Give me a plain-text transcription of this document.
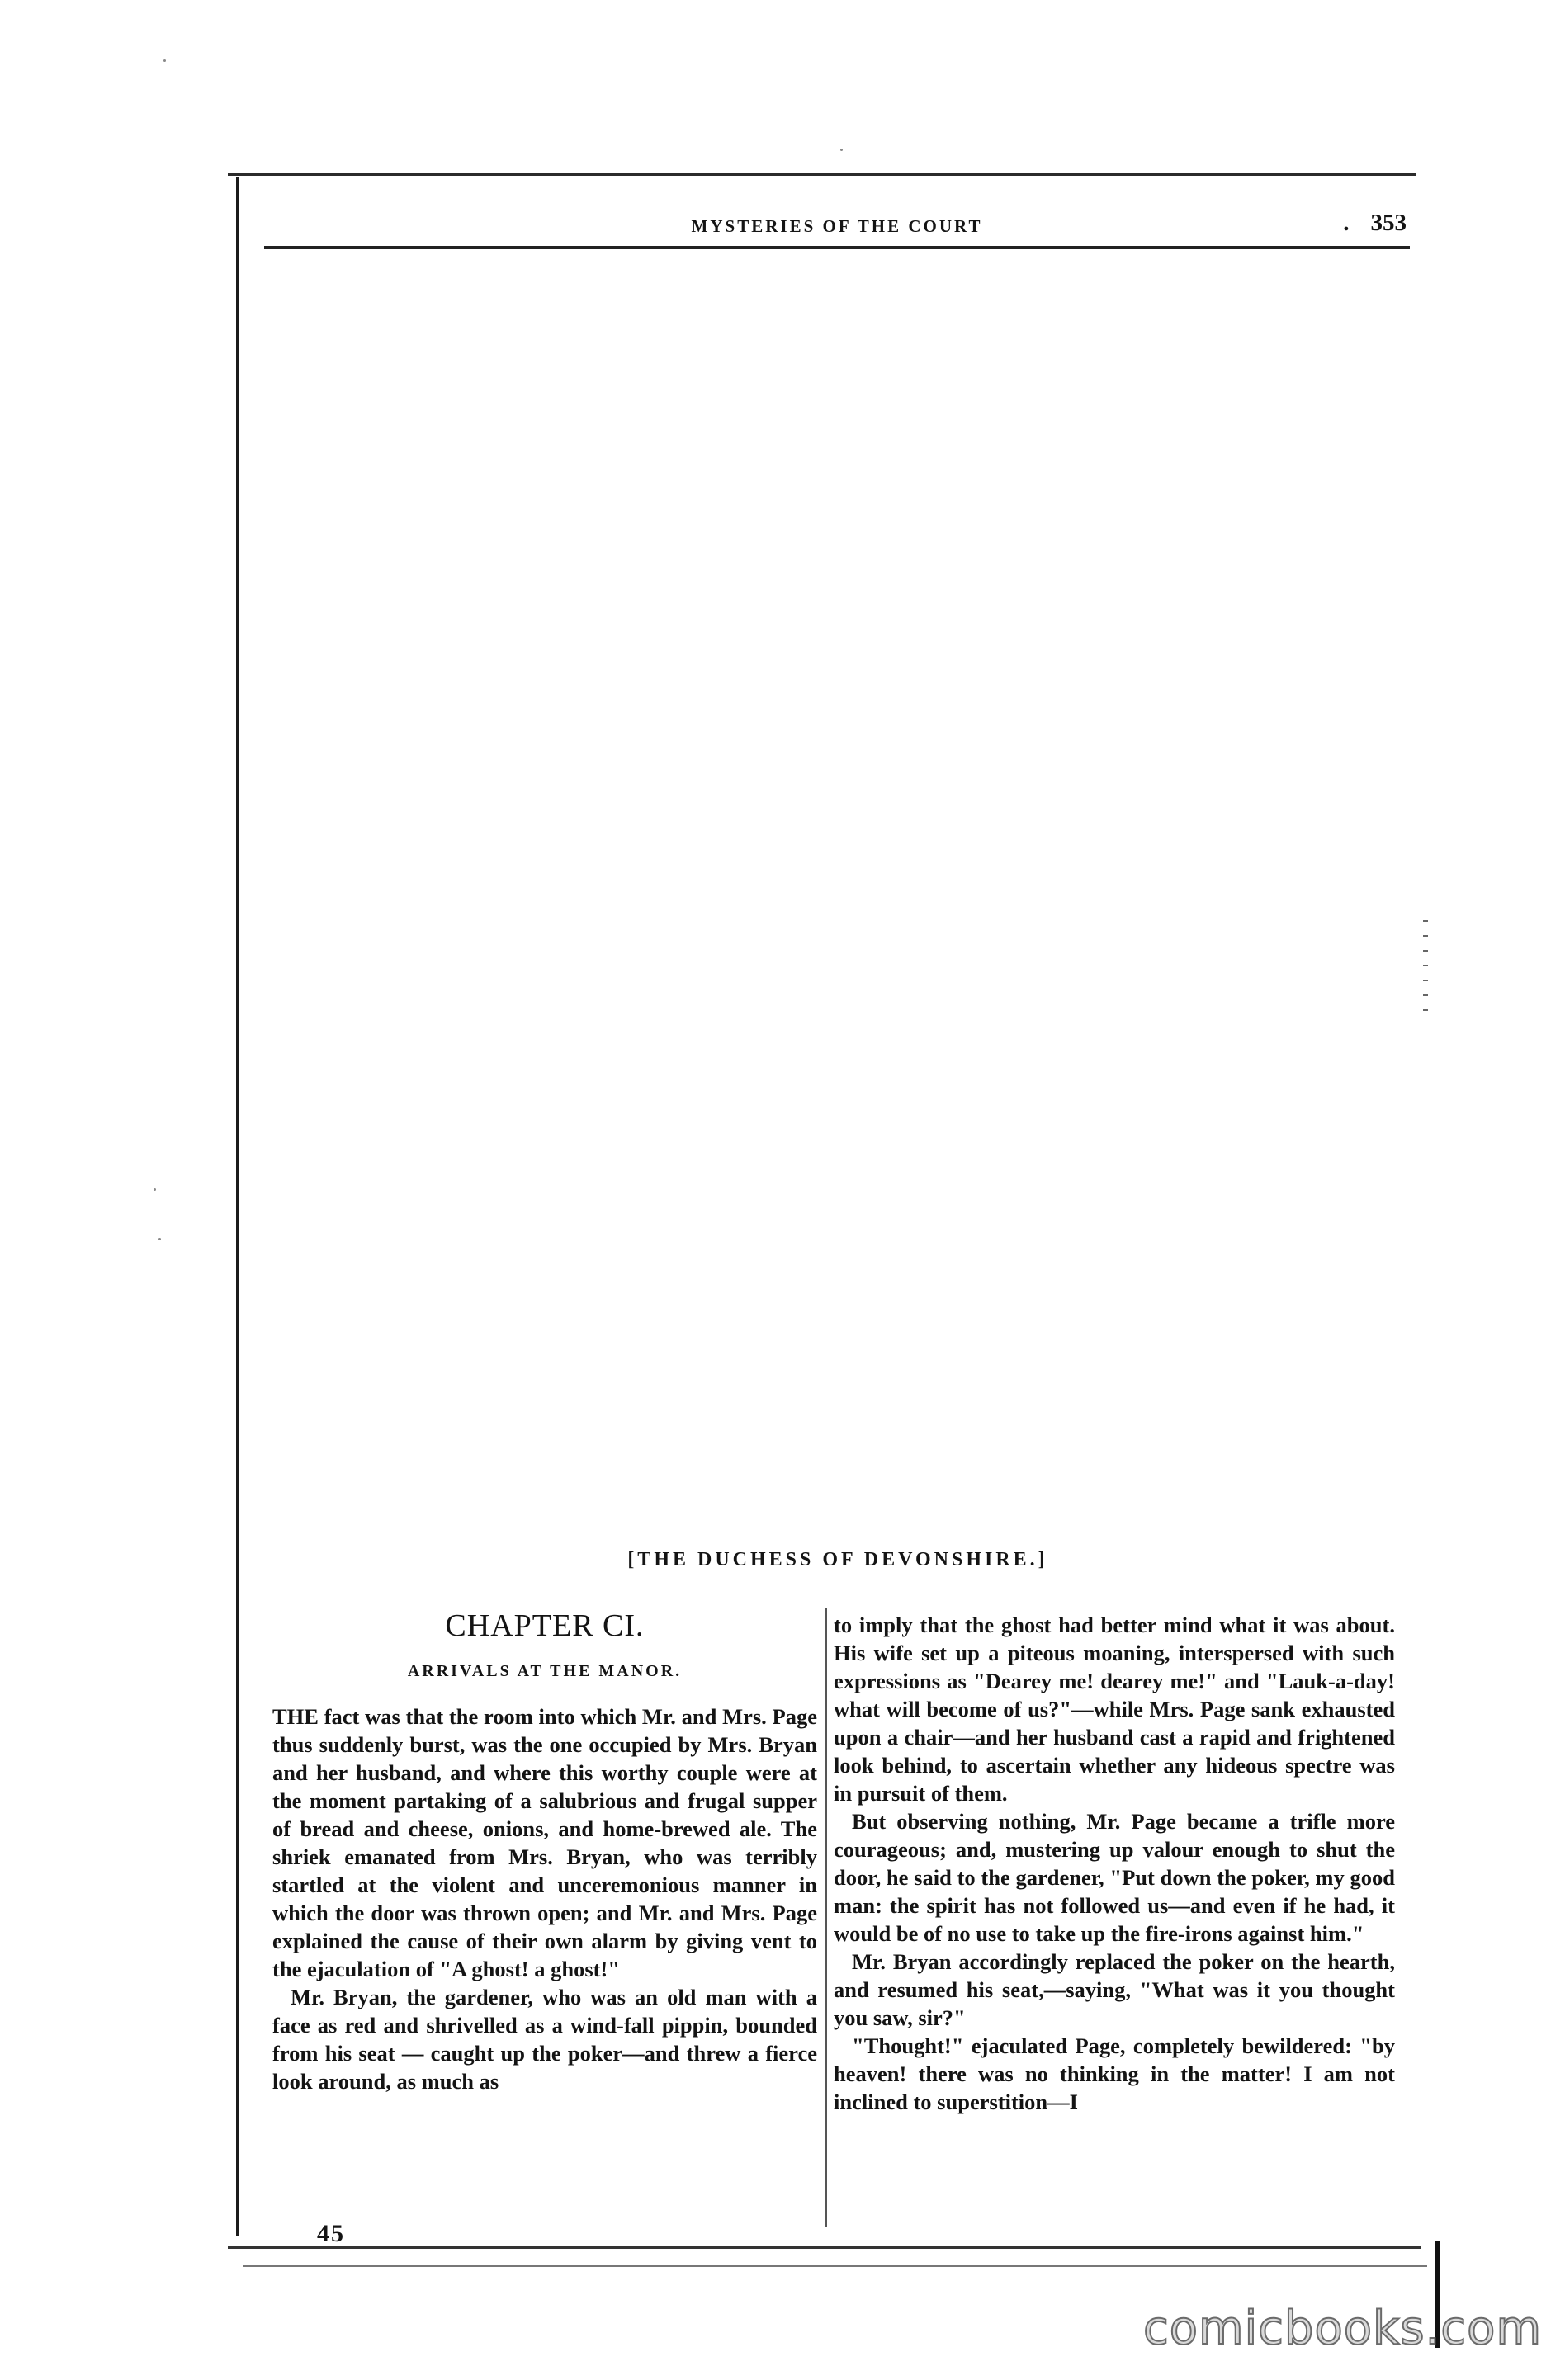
MYSTERIES OF THE COURT	. 353
[THE DUCHESS OF DEVONSHIRE.]
CHAPTER CI.
ARRIVALS AT THE MANOR.

THE fact was that the room into which Mr. and Mrs. Page thus suddenly burst, was the one occupied by Mrs. Bryan and her husband, and where this worthy couple were at the moment partaking of a salubrious and frugal supper of bread and cheese, onions, and home-brewed ale. The shriek emanated from Mrs. Bryan, who was terribly startled at the violent and unceremonious manner in which the door was thrown open; and Mr. and Mrs. Page explained the cause of their own alarm by giving vent to the ejaculation of "A ghost! a ghost!"

Mr. Bryan, the gardener, who was an old man with a face as red and shrivelled as a wind-fall pippin, bounded from his seat — caught up the poker—and threw a fierce look around, as much as

to imply that the ghost had better mind what it was about. His wife set up a piteous moaning, interspersed with such expressions as "Dearey me! dearey me!" and "Lauk-a-day! what will become of us?"—while Mrs. Page sank exhausted upon a chair—and her husband cast a rapid and frightened look behind, to ascertain whether any hideous spectre was in pursuit of them.

But observing nothing, Mr. Page became a trifle more courageous; and, mustering up valour enough to shut the door, he said to the gardener, "Put down the poker, my good man: the spirit has not followed us—and even if he had, it would be of no use to take up the fire-irons against him."

Mr. Bryan accordingly replaced the poker on the hearth, and resumed his seat,—saying, "What was it you thought you saw, sir?"

"Thought!" ejaculated Page, completely bewildered: "by heaven! there was no thinking in the matter! I am not inclined to superstition—I

45
comicbooks.com
